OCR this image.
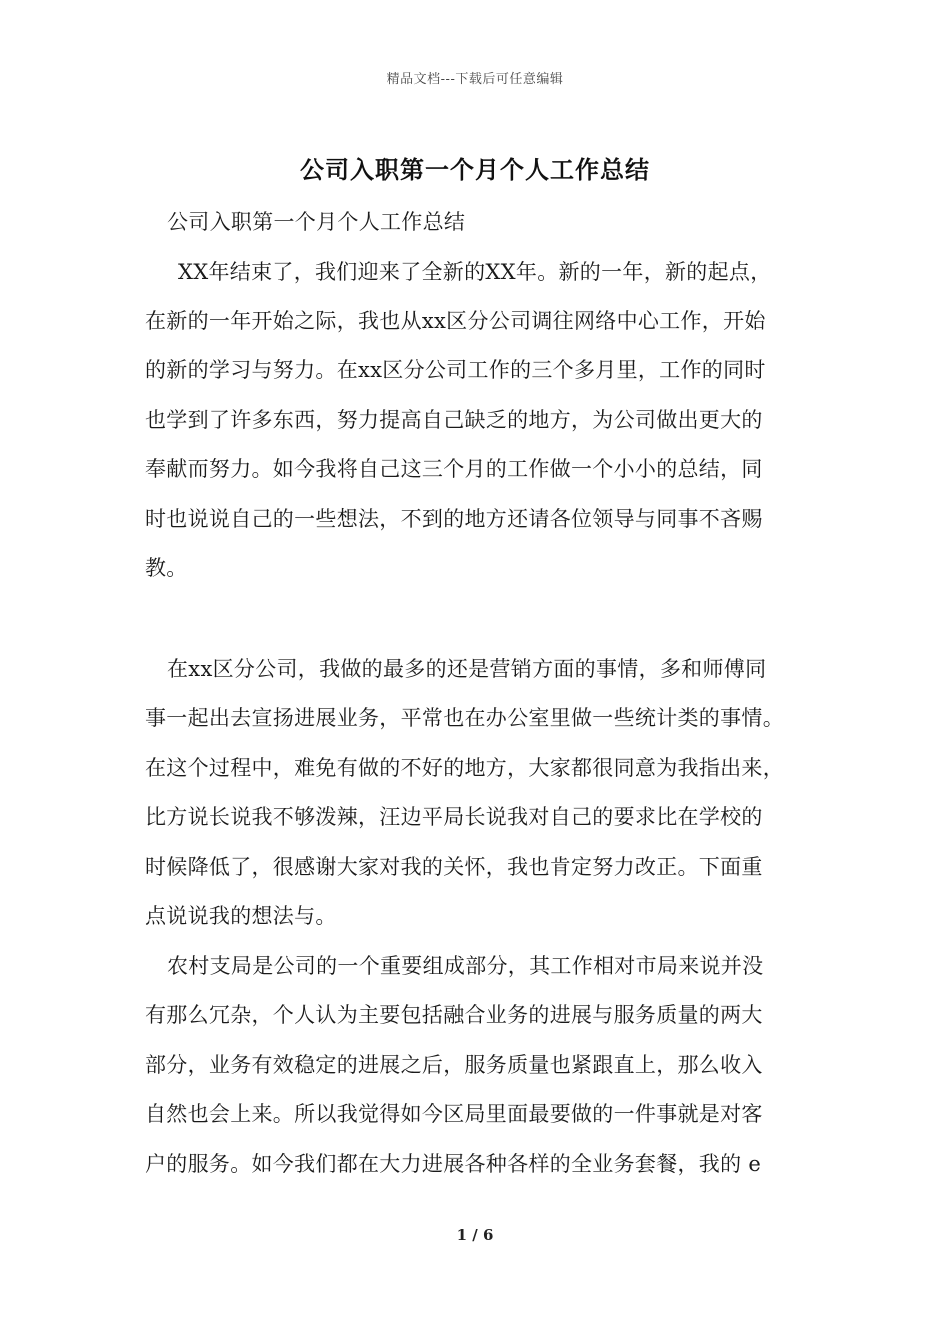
精品文档---下载后可任意编辑
公司入职第一个月个人工作总结
公司入职第一个月个人工作总结
XX年结束了，我们迎来了全新的XX年。新的一年，新的起点，
在新的一年开始之际，我也从xx区分公司调往网络中心工作，开始
的新的学习与努力。在xx区分公司工作的三个多月里，工作的同时
也学到了许多东西，努力提高自己缺乏的地方，为公司做出更大的
奉献而努力。如今我将自己这三个月的工作做一个小小的总结，同
时也说说自己的一些想法，不到的地方还请各位领导与同事不吝赐
教。
在xx区分公司，我做的最多的还是营销方面的事情，多和师傅同
事一起出去宣扬进展业务，平常也在办公室里做一些统计类的事情。
在这个过程中，难免有做的不好的地方，大家都很同意为我指出来，
比方说长说我不够泼辣，汪边平局长说我对自己的要求比在学校的
时候降低了，很感谢大家对我的关怀，我也肯定努力改正。下面重
点说说我的想法与。
农村支局是公司的一个重要组成部分，其工作相对市局来说并没
有那么冗杂，个人认为主要包括融合业务的进展与服务质量的两大
部分，业务有效稳定的进展之后，服务质量也紧跟直上，那么收入
自然也会上来。所以我觉得如今区局里面最要做的一件事就是对客
户的服务。如今我们都在大力进展各种各样的全业务套餐，我的 e
1 / 6
